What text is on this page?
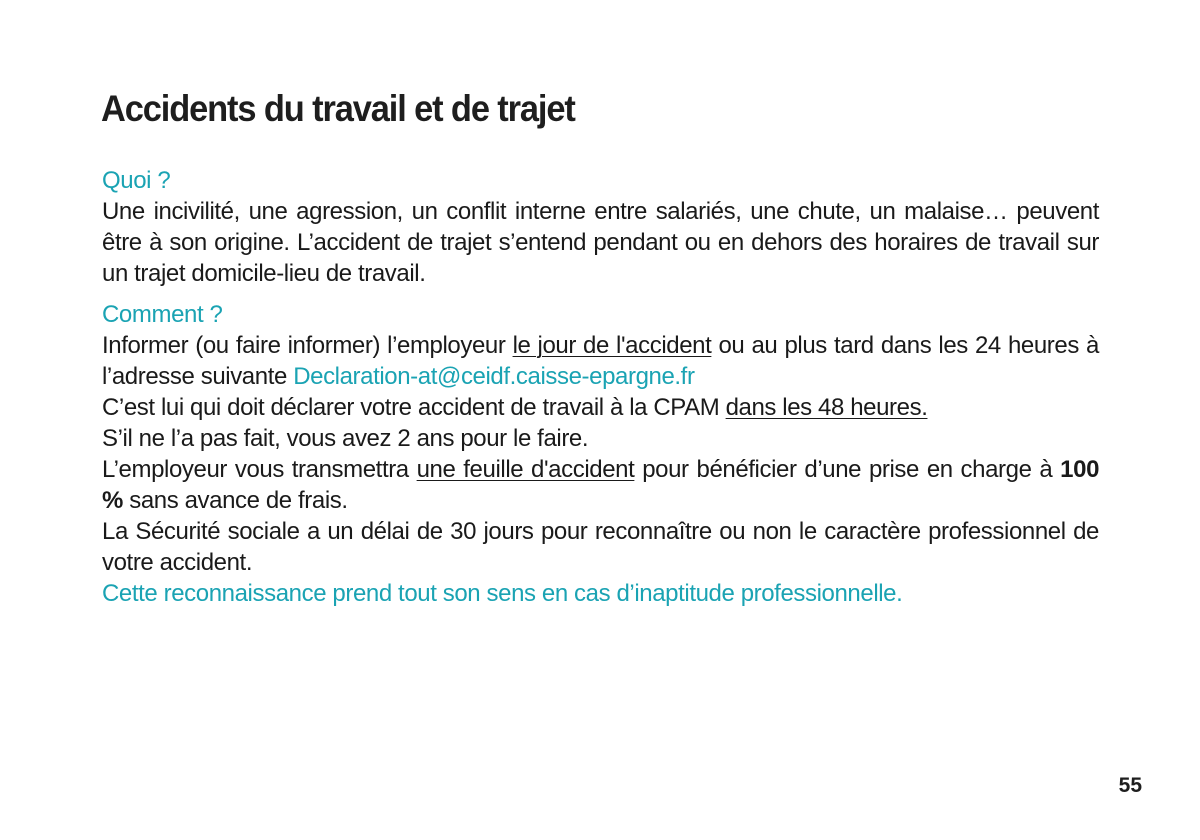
Accidents du travail et de trajet

Quoi ?

Une incivilité, une agression, un conflit interne entre salariés, une chute, un malaise… peuvent être à son origine. L’accident de trajet s’entend pendant ou en dehors des horaires de travail sur un trajet domicile-lieu de travail.

Comment ?

Informer (ou faire informer) l’employeur le jour de l'accident ou au plus tard dans les 24 heures à l’adresse suivante Declaration-at@ceidf.caisse-epargne.fr

C’est lui qui doit déclarer votre accident de travail à la CPAM dans les 48 heures.

S’il ne l’a pas fait, vous avez 2 ans pour le faire.

L’employeur vous transmettra une feuille d'accident pour bénéficier d’une prise en charge à 100 % sans avance de frais.

La Sécurité sociale a un délai de 30 jours pour reconnaître ou non le caractère professionnel de votre accident.

Cette reconnaissance prend tout son sens en cas d’inaptitude professionnelle.

55
